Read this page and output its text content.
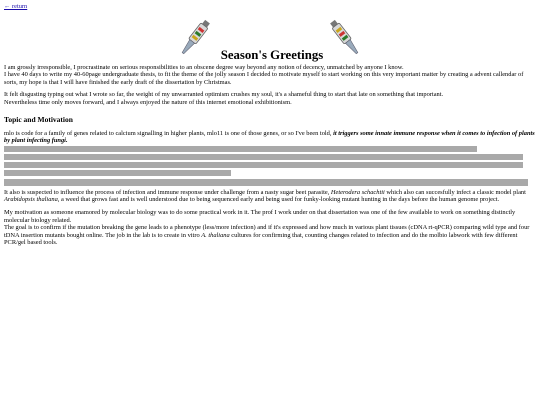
← return
Season's Greetings

I am grossly irresponsible, I procrastinate on serious responsibilities to an obscene degree way beyond any notion of decency, unmatched by anyone I know.
I have 40 days to write my 40-60page undergraduate thesis, to fit the theme of the jolly season I decided to motivate myself to start working on this very important matter by creating a advent callendar of sorts, my hope is that I will have finished the early draft of the dissertation by Christmas.

It felt disgusting typing out what I wrote so far, the weight of my unwarranted optimism crushes my soul, it's a shameful thing to start that late on something that important.
Nevertheless time only moves forward, and I always enjoyed the nature of this internet emotional exhibitionism.

Topic and Motivation

mlo is code for a family of genes related to calcium signalling in higher plants, mlo11 is one of those genes, or so I've been told, it triggers some innate immune response when it comes to infection of plants by plant infecting fungi.

It also is suspected to influence the process of infection and immune response under challenge from a nasty sugar beet parasite, Heterodera schachtii which also can succesfully infect a classic model plant Arabidopsis thaliana, a weed that grows fast and is well understood due to being sequenced early and being used for funky-looking mutant hunting in the days before the human genome project.

My motivation as someone enamored by molecular biology was to do some practical work in it. The prof I work under on that dissertation was one of the few available to work on something distinctly molecular biology related.
The goal is to confirm if the mutation breaking the gene leads to a phenotype (less/more infection) and if it's expressed and how much in various plant tissues (cDNA rt-qPCR) comparing wild type and four tDNA insertion mutants bought online. The job in the lab is to create in vitro A. thaliana cultures for confirming that, counting changes related to infection and do the molbio labwork with few different PCR/gel based tools.
